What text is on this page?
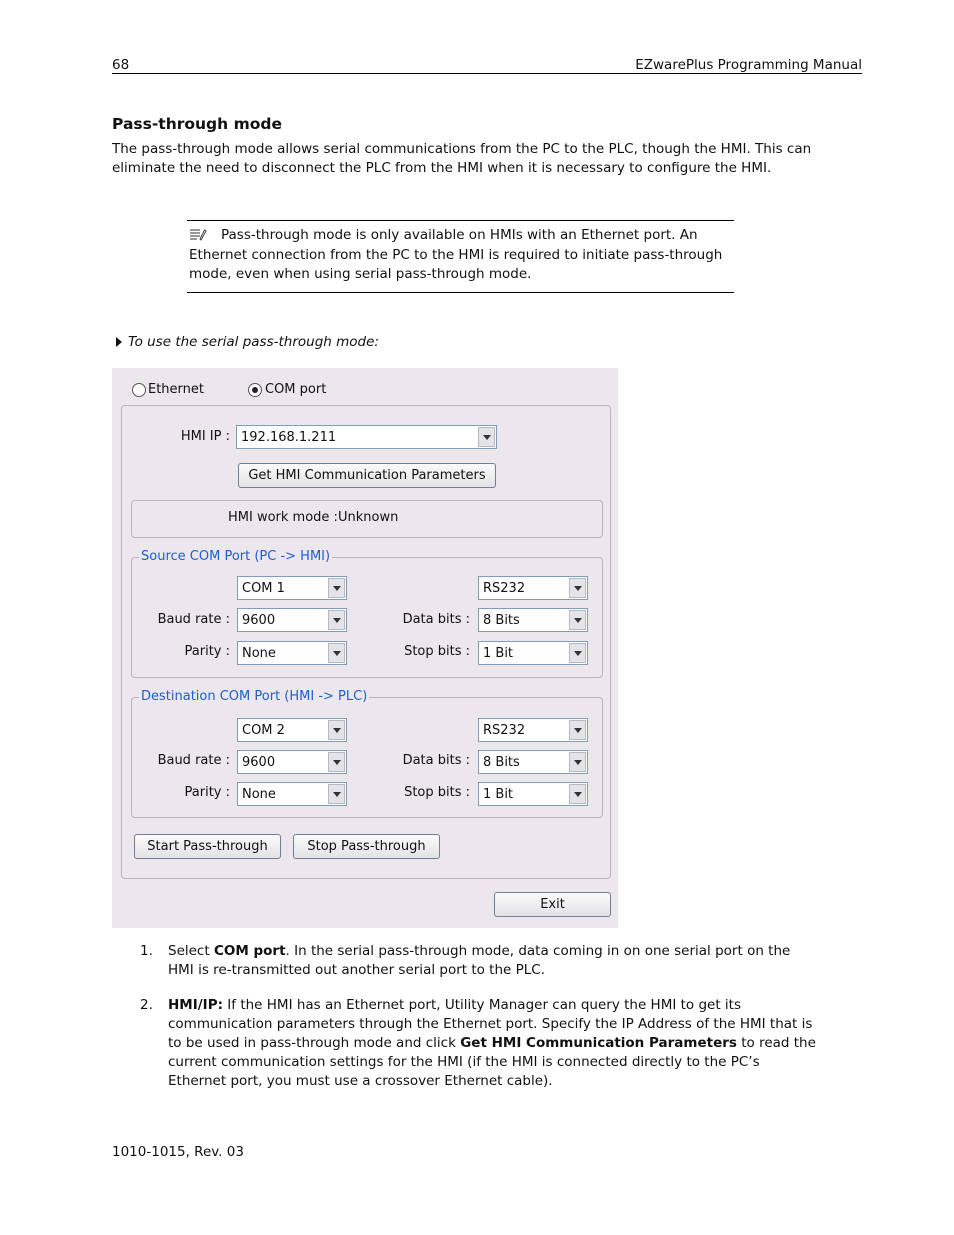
68	EZwarePlus Programming Manual
Pass-through mode
The pass-through mode allows serial communications from the PC to the PLC, though the HMI. This can eliminate the need to disconnect the PLC from the HMI when it is necessary to configure the HMI.
Pass-through mode is only available on HMIs with an Ethernet port. An Ethernet connection from the PC to the HMI is required to initiate pass-through mode, even when using serial pass-through mode.
To use the serial pass-through mode:
Ethernet	COM port
HMI IP : 192.168.1.211
Get HMI Communication Parameters
HMI work mode : Unknown
Source COM Port (PC -> HMI)
COM 1	RS232
Baud rate : 9600	Data bits : 8 Bits
Parity : None	Stop bits : 1 Bit
Destination COM Port (HMI -> PLC)
COM 2	RS232
Baud rate : 9600	Data bits : 8 Bits
Parity : None	Stop bits : 1 Bit
Start Pass-through	Stop Pass-through
Exit
1. Select COM port. In the serial pass-through mode, data coming in on one serial port on the HMI is re-transmitted out another serial port to the PLC.
2. HMI/IP: If the HMI has an Ethernet port, Utility Manager can query the HMI to get its communication parameters through the Ethernet port. Specify the IP Address of the HMI that is to be used in pass-through mode and click Get HMI Communication Parameters to read the current communication settings for the HMI (if the HMI is connected directly to the PC’s Ethernet port, you must use a crossover Ethernet cable).
1010-1015, Rev. 03
